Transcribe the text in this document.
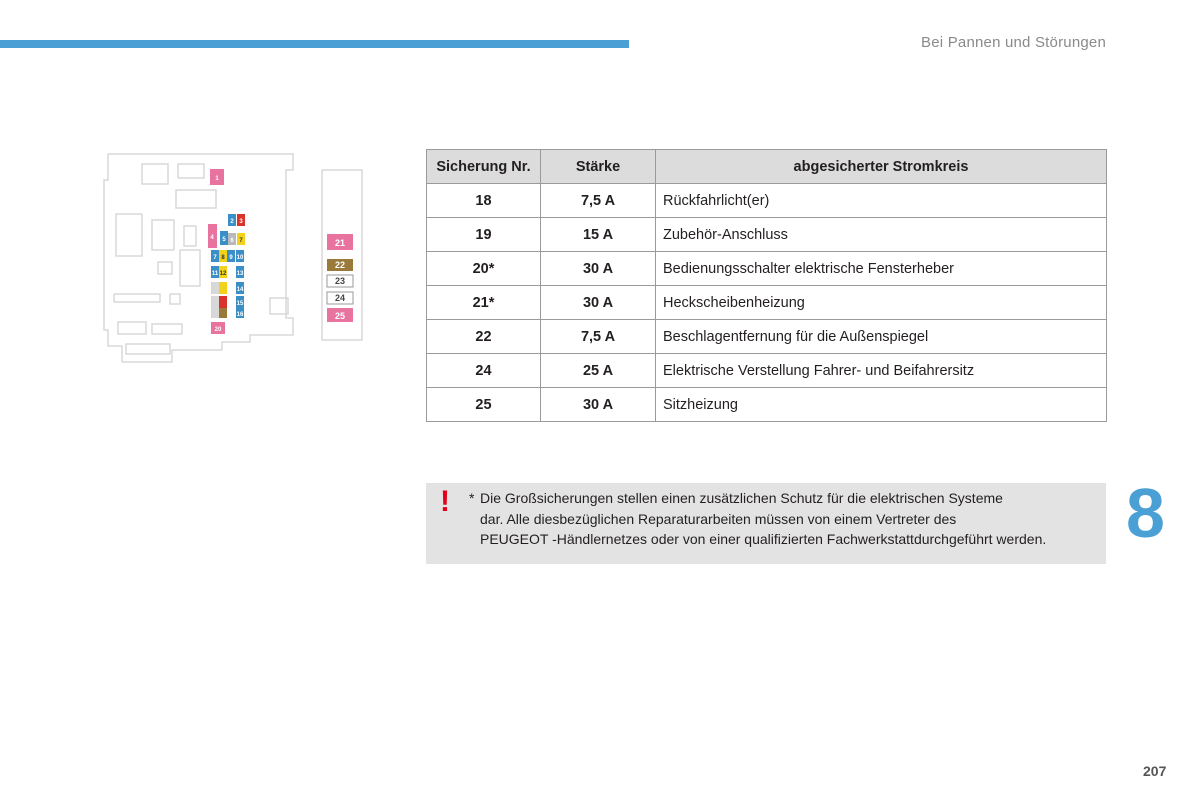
Bei Pannen und Störungen
1
2 3
4 5 6 7
7 8 9 10
11 12 13
14
15
16
20
21
22
23
24
25
Sicherung Nr.	Stärke	abgesicherter Stromkreis
18	7,5 A	Rückfahrlicht(er)
19	15 A	Zubehör-Anschluss
20*	30 A	Bedienungsschalter elektrische Fensterheber
21*	30 A	Heckscheibenheizung
22	7,5 A	Beschlagentfernung für die Außenspiegel
24	25 A	Elektrische Verstellung Fahrer- und Beifahrersitz
25	30 A	Sitzheizung
! * Die Großsicherungen stellen einen zusätzlichen Schutz für die elektrischen Systeme
dar. Alle diesbezüglichen Reparaturarbeiten müssen von einem Vertreter des
PEUGEOT -Händlernetzes oder von einer qualifizierten Fachwerkstattdurchgeführt werden.	8
207
